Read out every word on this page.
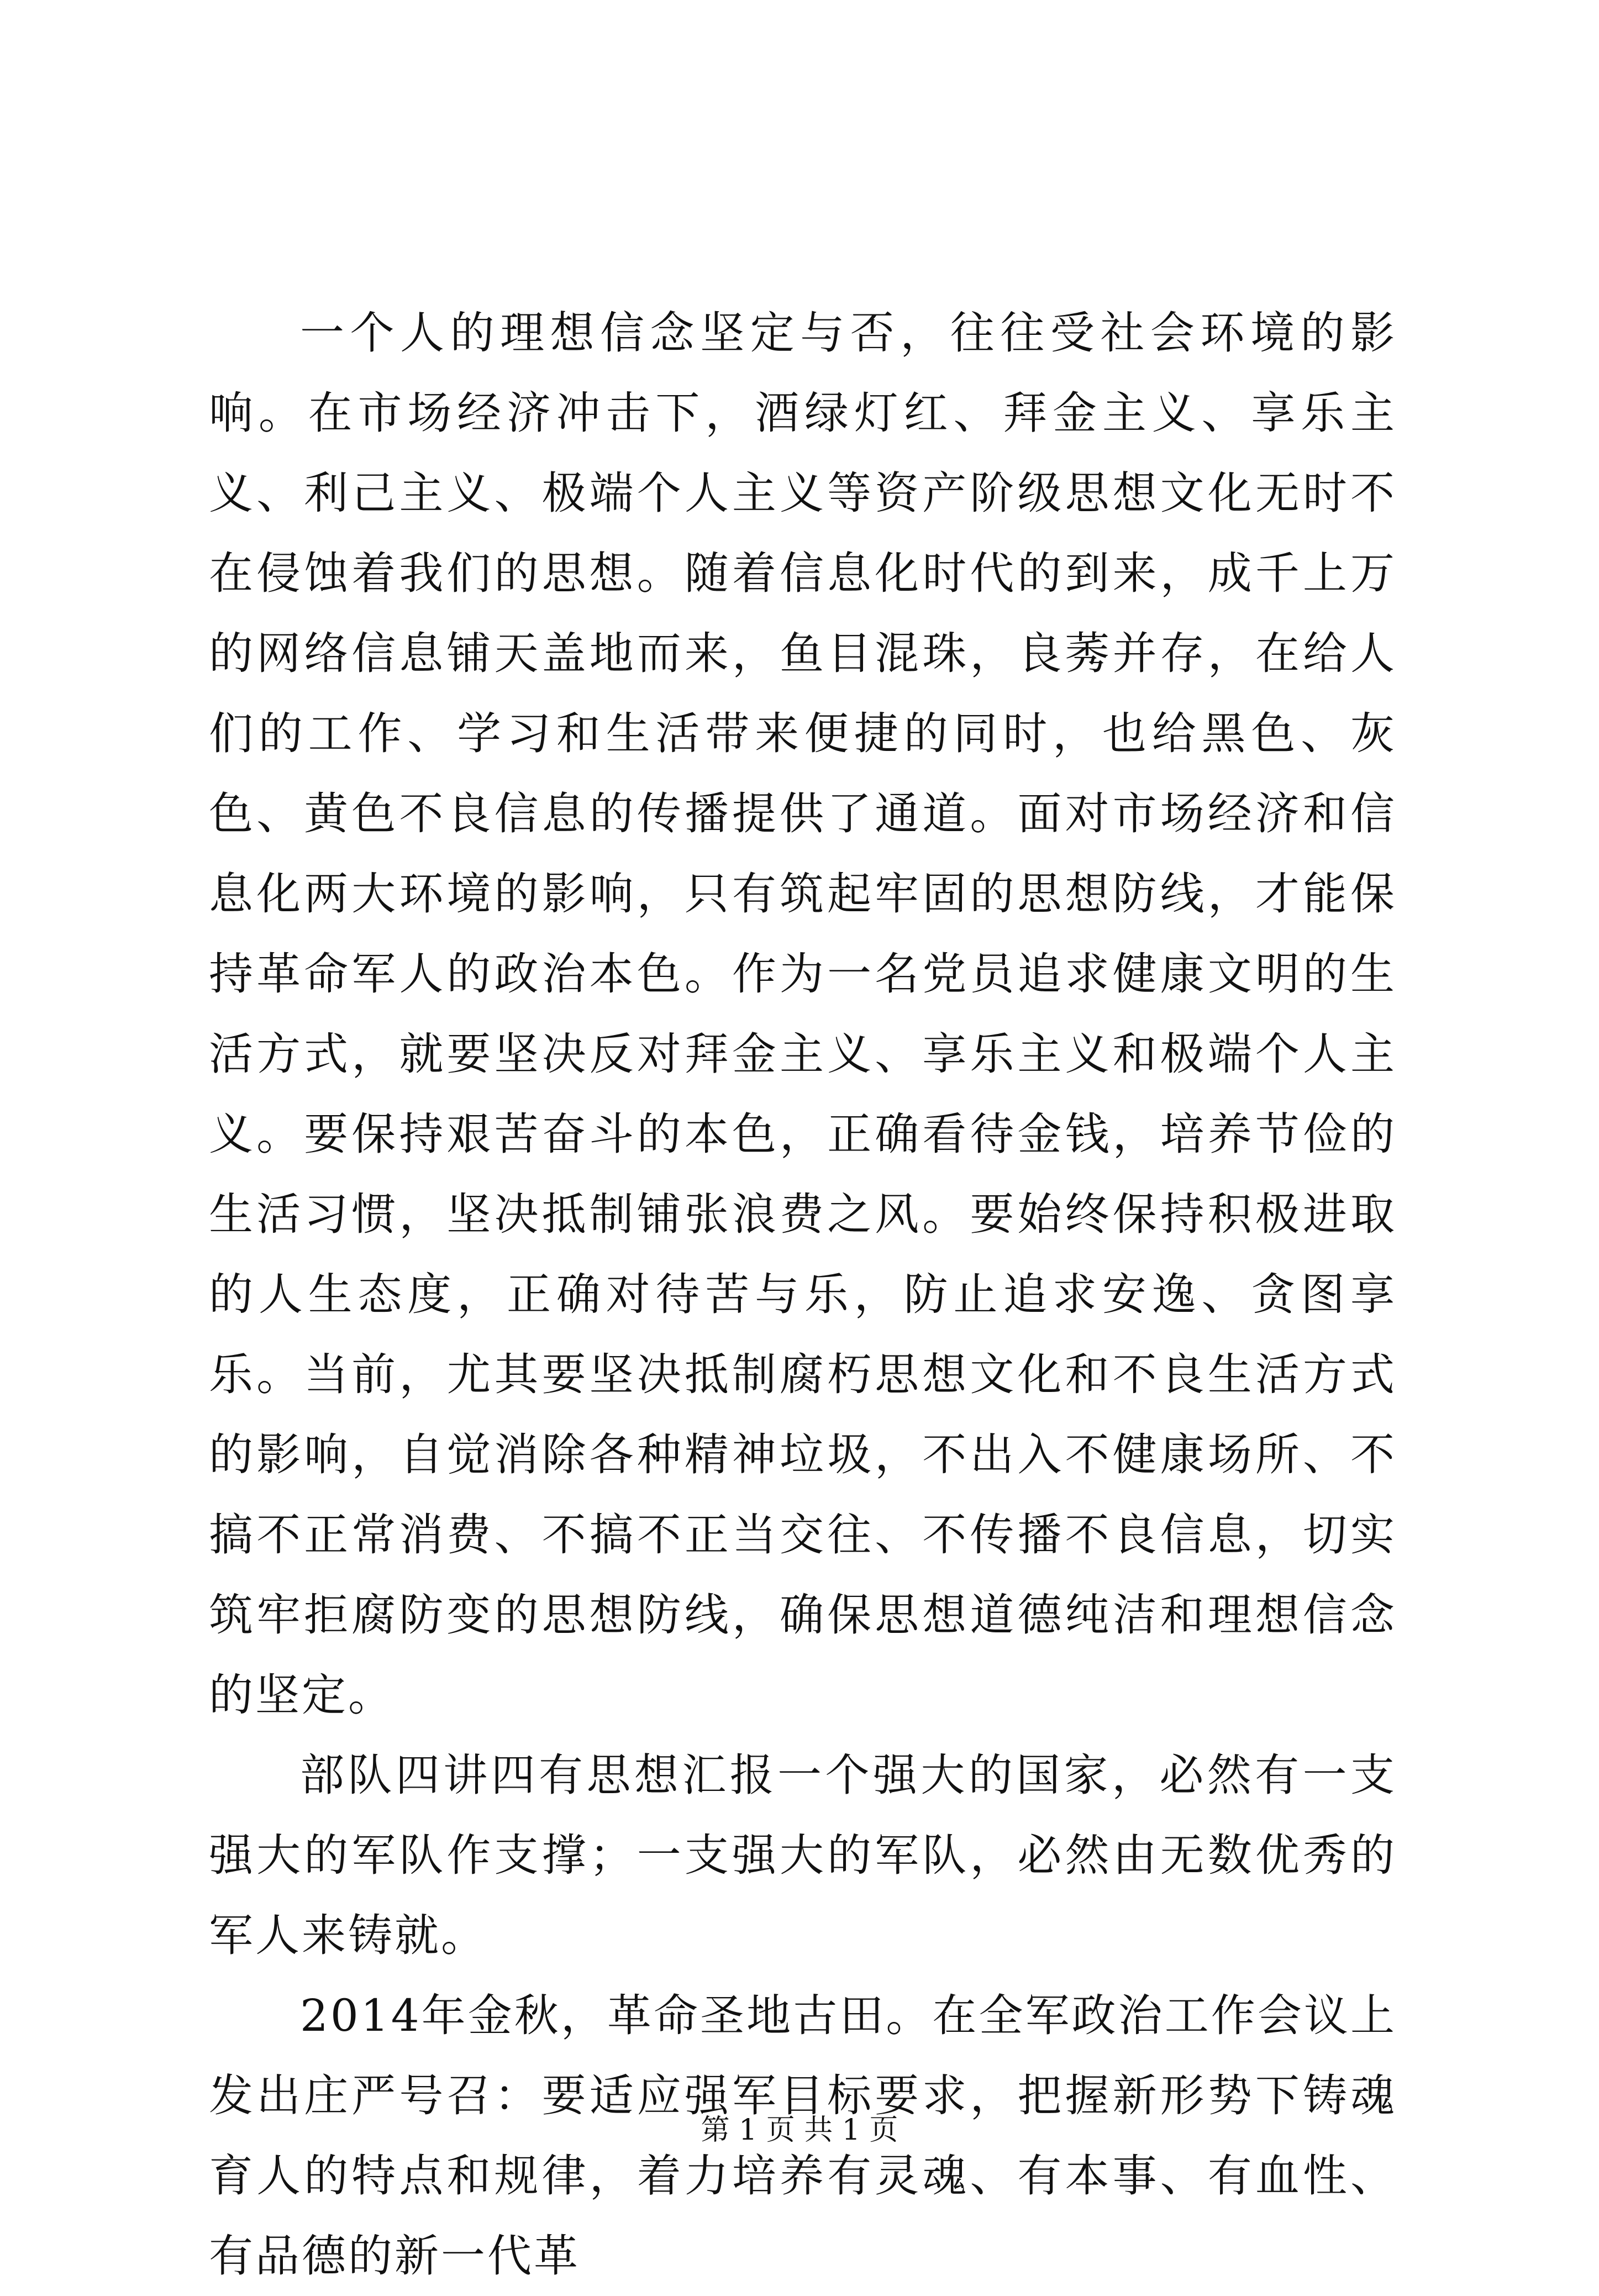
一个人的理想信念坚定与否，往往受社会环境的影响。在市场经济冲击下，酒绿灯红、拜金主义、享乐主义、利己主义、极端个人主义等资产阶级思想文化无时不在侵蚀着我们的思想。随着信息化时代的到来，成千上万的网络信息铺天盖地而来，鱼目混珠，良莠并存，在给人们的工作、学习和生活带来便捷的同时，也给黑色、灰色、黄色不良信息的传播提供了通道。面对市场经济和信息化两大环境的影响，只有筑起牢固的思想防线，才能保持革命军人的政治本色。作为一名党员追求健康文明的生活方式，就要坚决反对拜金主义、享乐主义和极端个人主义。要保持艰苦奋斗的本色，正确看待金钱，培养节俭的生活习惯，坚决抵制铺张浪费之风。要始终保持积极进取的人生态度，正确对待苦与乐，防止追求安逸、贪图享乐。当前，尤其要坚决抵制腐朽思想文化和不良生活方式的影响，自觉消除各种精神垃圾，不出入不健康场所、不搞不正常消费、不搞不正当交往、不传播不良信息，切实筑牢拒腐防变的思想防线，确保思想道德纯洁和理想信念的坚定。

部队四讲四有思想汇报一个强大的国家，必然有一支强大的军队作支撑；一支强大的军队，必然由无数优秀的军人来铸就。

2014年金秋，革命圣地古田。在全军政治工作会议上发出庄严号召：要适应强军目标要求，把握新形势下铸魂育人的特点和规律，着力培养有灵魂、有本事、有血性、有品德的新一代革

第 1 页 共 1 页
